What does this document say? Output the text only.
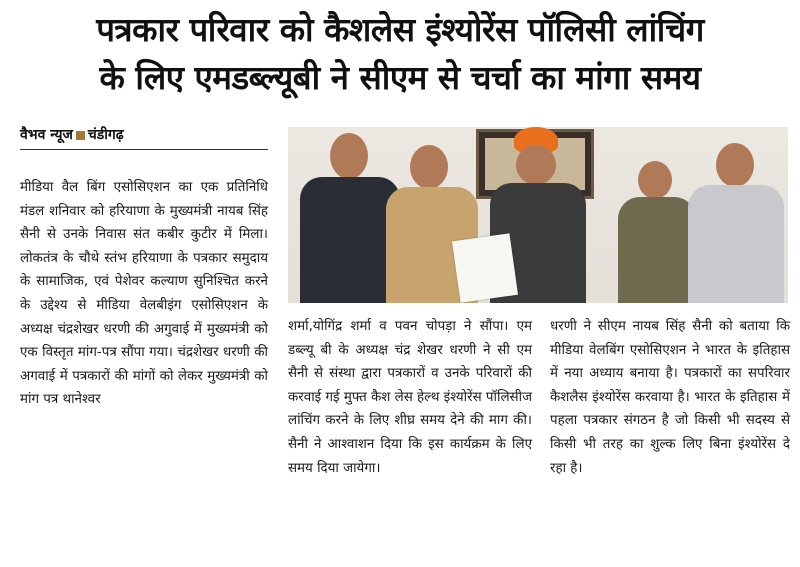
पत्रकार परिवार को कैशलेस इंश्योरेंस पॉलिसी लांचिंग
के लिए एमडब्ल्यूबी ने सीएम से चर्चा का मांगा समय
वैभव न्यूज चंडीगढ़

मीडिया वैल बिंग एसोसिएशन का एक प्रतिनिधि मंडल शनिवार को हरियाणा के मुख्यमंत्री नायब सिंह सैनी से उनके निवास संत कबीर कुटीर में मिला।लोकतंत्र के चौथे स्तंभ हरियाणा के पत्रकार समुदाय के सामाजिक, एवं पेशेवर कल्याण सुनिश्चित करने के उद्देश्य से मीडिया वेलबीइंग एसोसिएशन के अध्यक्ष चंद्रशेखर धरणी की अगुवाई में मुख्यमंत्री को एक विस्तृत मांग-पत्र सौंपा गया। चंद्रशेखर धरणी की अगवाई में पत्रकारों की मांगों को लेकर मुख्यमंत्री को मांग पत्र थानेश्वर

शर्मा,योगिंद्र शर्मा व पवन चोपड़ा ने सौंपा। एम डब्ल्यू बी के अध्यक्ष चंद्र शेखर धरणी ने सी एम सैनी से संस्था द्वारा पत्रकारों व उनके परिवारों की करवाई गई मुफ्त कैश लेस हेल्थ इंश्योरेंस पॉलिसीज लांचिंग करने के लिए शीघ्र समय देने की माग की। सैनी ने आश्वाशन दिया कि इस कार्यक्रम के लिए समय दिया जायेगा।

धरणी ने सीएम नायब सिंह सैनी को बताया कि मीडिया वेलबिंग एसोसिएशन ने भारत के इतिहास में नया अध्याय बनाया है। पत्रकारों का सपरिवार कैशलैस इंश्योरेंस करवाया है। भारत के इतिहास में पहला पत्रकार संगठन है जो किसी भी सदस्य से किसी भी तरह का शुल्क लिए बिना इंश्योरेंस दे रहा है।
